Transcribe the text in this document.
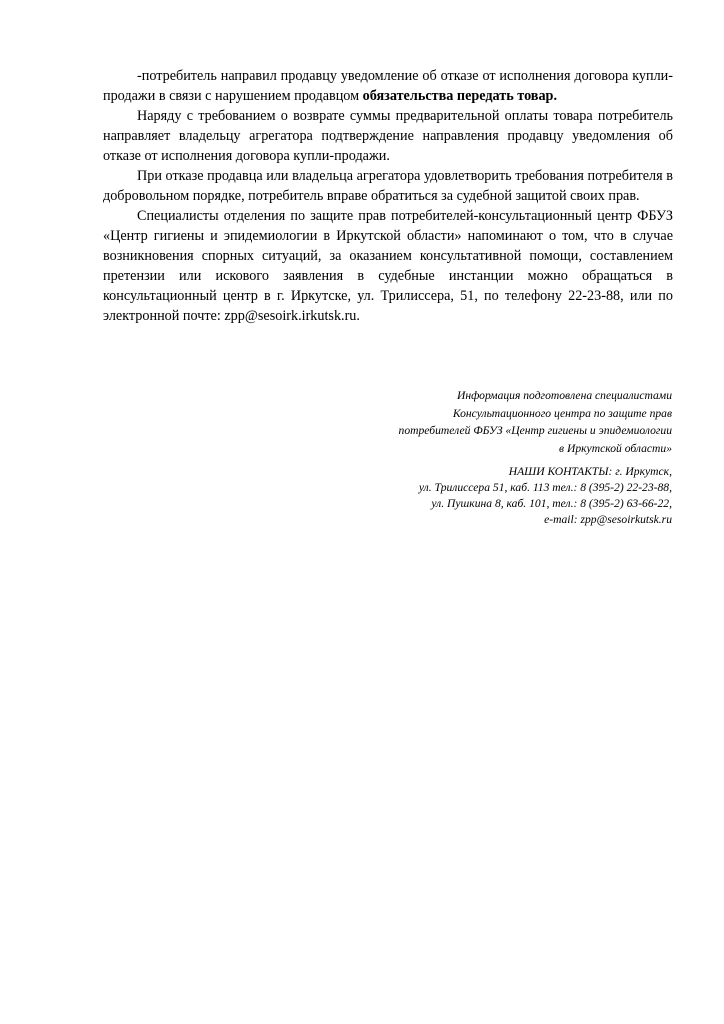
-потребитель направил продавцу уведомление об отказе от исполнения договора купли-продажи в связи с нарушением продавцом обязательства передать товар.

Наряду с требованием о возврате суммы предварительной оплаты товара потребитель направляет владельцу агрегатора подтверждение направления продавцу уведомления об отказе от исполнения договора купли-продажи.

При отказе продавца или владельца агрегатора удовлетворить требования потребителя в добровольном порядке, потребитель вправе обратиться за судебной защитой своих прав.

Специалисты отделения по защите прав потребителей-консультационный центр ФБУЗ «Центр гигиены и эпидемиологии в Иркутской области» напоминают о том, что в случае возникновения спорных ситуаций, за оказанием консультативной помощи, составлением претензии или искового заявления в судебные инстанции можно обращаться в консультационный центр в г. Иркутске, ул. Трилиссера, 51, по телефону 22-23-88, или по электронной почте: zpp@sesoirk.irkutsk.ru.

Информация подготовлена специалистами
Консультационного центра по защите прав
потребителей ФБУЗ «Центр гигиены и эпидемиологии
в Иркутской области»
НАШИ КОНТАКТЫ: г. Иркутск,
ул. Трилиссера 51, каб. 113 тел.: 8 (395-2) 22-23-88,
ул. Пушкина 8, каб. 101, тел.: 8 (395-2) 63-66-22,
e-mail: zpp@sesoirkutsk.ru
